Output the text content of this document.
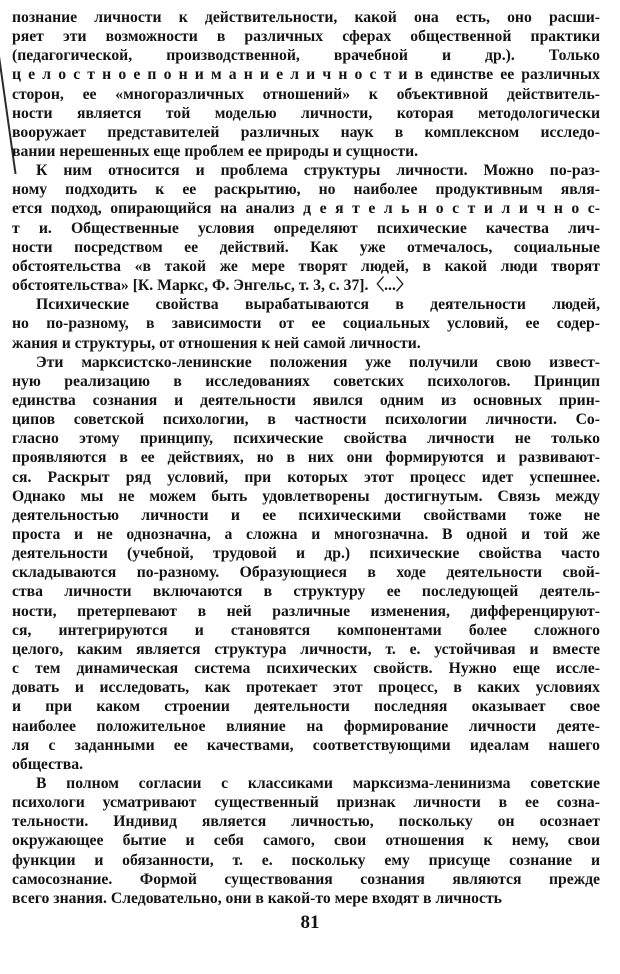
познание личности к действительности, какой она есть, оно расши-
ряет эти возможности в различных сферах общественной практики
(педагогической, производственной, врачебной и др.). Только
ц е л о с т н о е п о н и м а н и е л и ч н о с т и в единстве ее различных
сторон, ее «многоразличных отношений» к объективной действитель-
ности является той моделью личности, которая методологически
вооружает представителей различных наук в комплексном исследо-
вании нерешенных еще проблем ее природы и сущности.
К ним относится и проблема структуры личности. Можно по-раз-
ному подходить к ее раскрытию, но наиболее продуктивным явля-
ется подход, опирающийся на анализ д е я т е л ь н о с т и л и ч н о с-
т и. Общественные условия определяют психические качества лич-
ности посредством ее действий. Как уже отмечалось, социальные
обстоятельства «в такой же мере творят людей, в какой люди творят
обстоятельства» [К. Маркс, Ф. Энгельс, т. 3, с. 37].〈...〉
Психические свойства вырабатываются в деятельности людей,
но по-разному, в зависимости от ее социальных условий, ее содер-
жания и структуры, от отношения к ней самой личности.
Эти марксистско-ленинские положения уже получили свою извест-
ную реализацию в исследованиях советских психологов. Принцип
единства сознания и деятельности явился одним из основных прин-
ципов советской психологии, в частности психологии личности. Со-
гласно этому принципу, психические свойства личности не только
проявляются в ее действиях, но в них они формируются и развивают-
ся. Раскрыт ряд условий, при которых этот процесс идет успешнее.
Однако мы не можем быть удовлетворены достигнутым. Связь между
деятельностью личности и ее психическими свойствами тоже не
проста и не однозначна, а сложна и многозначна. В одной и той же
деятельности (учебной, трудовой и др.) психические свойства часто
складываются по-разному. Образующиеся в ходе деятельности свой-
ства личности включаются в структуру ее последующей деятель-
ности, претерпевают в ней различные изменения, дифференцируют-
ся, интегрируются и становятся компонентами более сложного
целого, каким является структура личности, т. е. устойчивая и вместе
с тем динамическая система психических свойств. Нужно еще иссле-
довать и исследовать, как протекает этот процесс, в каких условиях
и при каком строении деятельности последняя оказывает свое
наиболее положительное влияние на формирование личности деяте-
ля с заданными ее качествами, соответствующими идеалам нашего
общества.
В полном согласии с классиками марксизма-ленинизма советские
психологи усматривают существенный признак личности в ее созна-
тельности. Индивид является личностью, поскольку он осознает
окружающее бытие и себя самого, свои отношения к нему, свои
функции и обязанности, т. е. поскольку ему присуще сознание и
самосознание. Формой существования сознания являются прежде
всего знания. Следовательно, они в какой-то мере входят в личность
81
